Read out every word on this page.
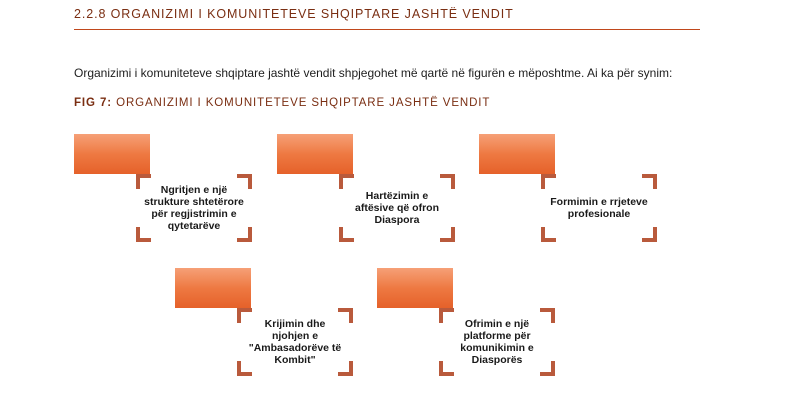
2.2.8 ORGANIZIMI I KOMUNITETEVE SHQIPTARE JASHTË VENDIT
Organizimi i komuniteteve shqiptare jashtë vendit shpjegohet më qartë në figurën e mëposhtme. Ai ka për synim:
FIG 7: ORGANIZIMI I KOMUNITETEVE SHQIPTARE JASHTË VENDIT
Ngritjen e një strukture shtetërore për regjistrimin e qytetarëve
Hartëzimin e aftësive që ofron Diaspora
Formimin e rrjeteve profesionale
Krijimin dhe njohjen e "Ambasadorëve të Kombit"
Ofrimin e një platforme për komunikimin e Diasporës
